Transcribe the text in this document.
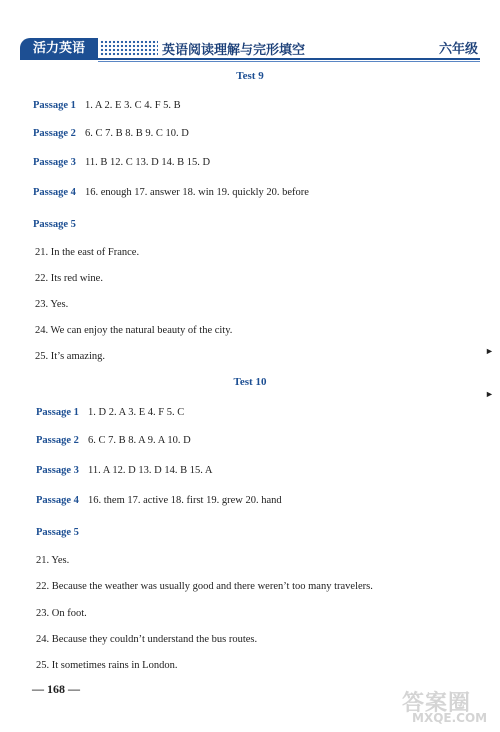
活力英语	英语阅读理解与完形填空	六年级
Test 9
Passage 1 1. A 2. E 3. C 4. F 5. B
Passage 2 6. C 7. B 8. B 9. C 10. D
Passage 3 11. B 12. C 13. D 14. B 15. D
Passage 4 16. enough 17. answer 18. win 19. quickly 20. before
Passage 5
21. In the east of France.
22. Its red wine.
23. Yes.
24. We can enjoy the natural beauty of the city.
25. It’s amazing.
Test 10
Passage 1 1. D 2. A 3. E 4. F 5. C
Passage 2 6. C 7. B 8. A 9. A 10. D
Passage 3 11. A 12. D 13. D 14. B 15. A
Passage 4 16. them 17. active 18. first 19. grew 20. hand
Passage 5
21. Yes.
22. Because the weather was usually good and there weren’t too many travelers.
23. On foot.
24. Because they couldn’t understand the bus routes.
25. It sometimes rains in London.
— 168 —
►
►
答案圈
MXQE.COM
